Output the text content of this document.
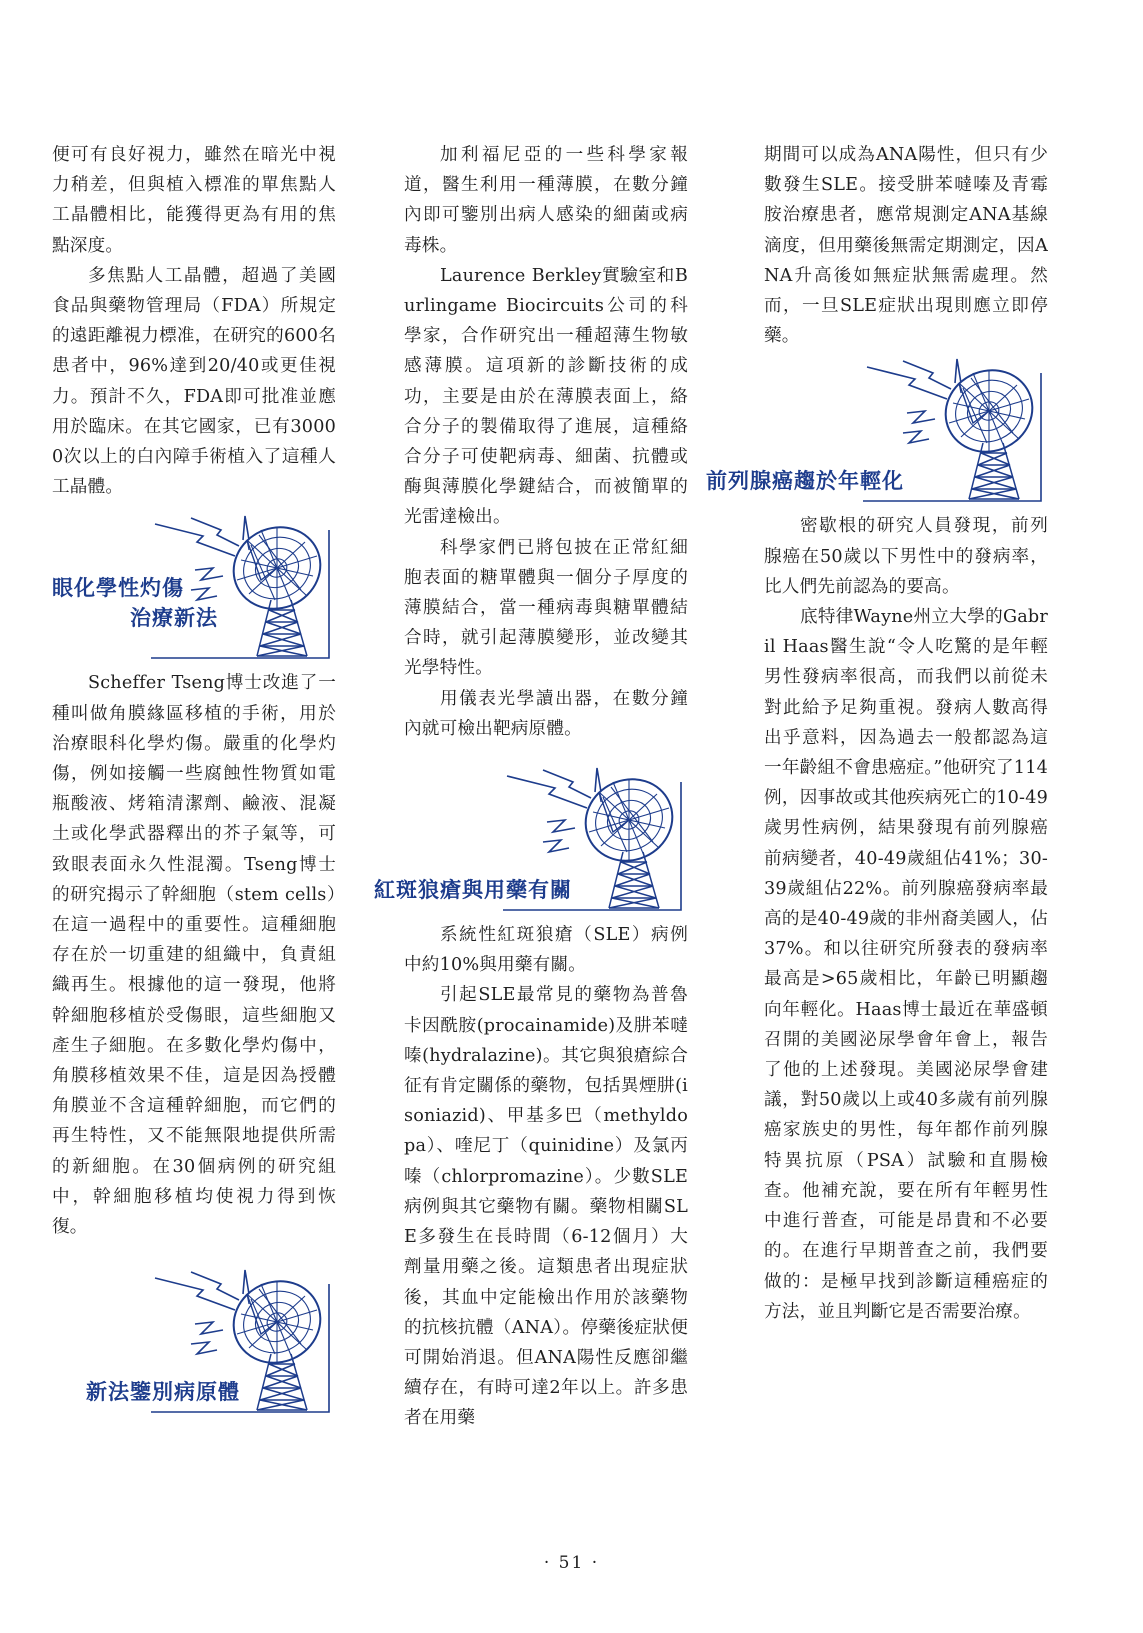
便可有良好視力，雖然在暗光中視力稍差，但與植入標准的單焦點人工晶體相比，能獲得更為有用的焦點深度。

多焦點人工晶體，超過了美國食品與藥物管理局（FDA）所規定的遠距離視力標准，在研究的600名患者中，96%達到20/40或更佳視力。預計不久，FDA即可批准並應用於臨床。在其它國家，已有30000次以上的白內障手術植入了這種人工晶體。

眼化學性灼傷
治療新法

Scheffer Tseng博士改進了一種叫做角膜緣區移植的手術，用於治療眼科化學灼傷。嚴重的化學灼傷，例如接觸一些腐蝕性物質如電瓶酸液、烤箱清潔劑、鹼液、混凝土或化學武器釋出的芥子氣等，可致眼表面永久性混濁。Tseng博士的研究揭示了幹細胞（stem cells）在這一過程中的重要性。這種細胞存在於一切重建的組織中，負責組織再生。根據他的這一發現，他將幹細胞移植於受傷眼，這些細胞又產生子細胞。在多數化學灼傷中，角膜移植效果不佳，這是因為授體角膜並不含這種幹細胞，而它們的再生特性，又不能無限地提供所需的新細胞。在30個病例的研究組中，幹細胞移植均使視力得到恢復。

新法鑒別病原體

加利福尼亞的一些科學家報道，醫生利用一種薄膜，在數分鐘內即可鑒別出病人感染的細菌或病毒株。

Laurence Berkley實驗室和Burlingame Biocircuits公司的科學家，合作研究出一種超薄生物敏感薄膜。這項新的診斷技術的成功，主要是由於在薄膜表面上，絡合分子的製備取得了進展，這種絡合分子可使靶病毒、細菌、抗體或酶與薄膜化學鍵結合，而被簡單的光雷達檢出。

科學家們已將包披在正常紅細胞表面的糖單體與一個分子厚度的薄膜結合，當一種病毒與糖單體結合時，就引起薄膜變形，並改變其光學特性。

用儀表光學讀出器，在數分鐘內就可檢出靶病原體。

紅斑狼瘡與用藥有關

系統性紅斑狼瘡（SLE）病例中約10%與用藥有關。

引起SLE最常見的藥物為普魯卡因酰胺(procainamide)及肼苯噠嗪(hydralazine)。其它與狼瘡綜合征有肯定關係的藥物，包括異煙肼(isoniazid)、甲基多巴（methyldopa）、喹尼丁（quinidine）及氯丙嗪（chlorpromazine）。少數SLE病例與其它藥物有關。藥物相關SLE多發生在長時間（6-12個月）大劑量用藥之後。這類患者出現症狀後，其血中定能檢出作用於該藥物的抗核抗體（ANA）。停藥後症狀便可開始消退。但ANA陽性反應卻繼續存在，有時可達2年以上。許多患者在用藥

期間可以成為ANA陽性，但只有少數發生SLE。接受肼苯噠嗪及青霉胺治療患者，應常規測定ANA基線滴度，但用藥後無需定期測定，因ANA升高後如無症狀無需處理。然而，一旦SLE症狀出現則應立即停藥。

前列腺癌趨於年輕化

密歇根的研究人員發現，前列腺癌在50歲以下男性中的發病率，比人們先前認為的要高。

底特律Wayne州立大學的Gabril Haas醫生說“令人吃驚的是年輕男性發病率很高，而我們以前從未對此給予足夠重視。發病人數高得出乎意料，因為過去一般都認為這一年齡組不會患癌症。”他研究了114例，因事故或其他疾病死亡的10-49歲男性病例，結果發現有前列腺癌前病變者，40-49歲組佔41%；30-39歲組佔22%。前列腺癌發病率最高的是40-49歲的非州裔美國人，佔37%。和以往研究所發表的發病率最高是>65歲相比，年齡已明顯趨向年輕化。Haas博士最近在華盛頓召開的美國泌尿學會年會上，報告了他的上述發現。美國泌尿學會建議，對50歲以上或40多歲有前列腺癌家族史的男性，每年都作前列腺特異抗原（PSA）試驗和直腸檢查。他補充說，要在所有年輕男性中進行普查，可能是昂貴和不必要的。在進行早期普查之前，我們要做的：是極早找到診斷這種癌症的方法，並且判斷它是否需要治療。

· 51 ·
